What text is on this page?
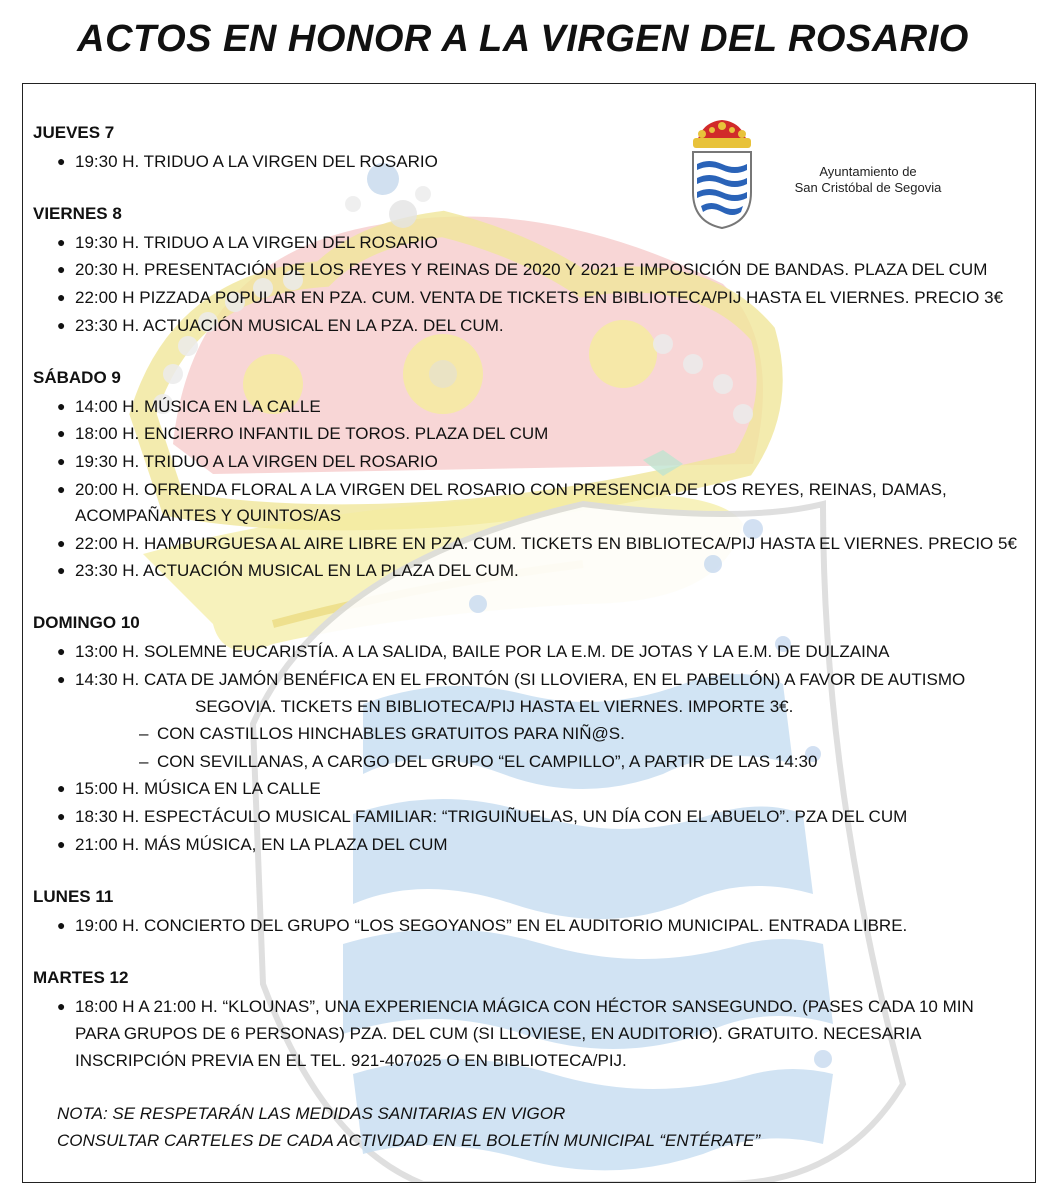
ACTOS EN HONOR A LA VIRGEN DEL ROSARIO
Ayuntamiento de
San Cristóbal de Segovia
JUEVES 7
● 19:30 H. TRIDUO A LA VIRGEN DEL ROSARIO
VIERNES 8
● 19:30 H. TRIDUO A LA VIRGEN DEL ROSARIO
● 20:30 H. PRESENTACIÓN DE LOS REYES Y REINAS DE 2020 Y 2021 E IMPOSICIÓN DE BANDAS. PLAZA DEL CUM
● 22:00 H PIZZADA POPULAR EN PZA. CUM. VENTA DE TICKETS EN BIBLIOTECA/PIJ HASTA EL VIERNES. PRECIO 3€
● 23:30 H. ACTUACIÓN MUSICAL EN LA PZA. DEL CUM.
SÁBADO 9
● 14:00 H. MÚSICA EN LA CALLE
● 18:00 H. ENCIERRO INFANTIL DE TOROS. PLAZA DEL CUM
● 19:30 H. TRIDUO A LA VIRGEN DEL ROSARIO
● 20:00 H. OFRENDA FLORAL A LA VIRGEN DEL ROSARIO CON PRESENCIA DE LOS REYES, REINAS, DAMAS,
ACOMPAÑANTES Y QUINTOS/AS
● 22:00 H. HAMBURGUESA AL AIRE LIBRE EN PZA. CUM. TICKETS EN BIBLIOTECA/PIJ HASTA EL VIERNES. PRECIO 5€
● 23:30 H. ACTUACIÓN MUSICAL EN LA PLAZA DEL CUM.
DOMINGO 10
● 13:00 H. SOLEMNE EUCARISTÍA. A LA SALIDA, BAILE POR LA E.M. DE JOTAS Y LA E.M. DE DULZAINA
● 14:30 H. CATA DE JAMÓN BENÉFICA EN EL FRONTÓN (SI LLOVIERA, EN EL PABELLÓN) A FAVOR DE AUTISMO
SEGOVIA. TICKETS EN BIBLIOTECA/PIJ HASTA EL VIERNES. IMPORTE 3€.
– CON CASTILLOS HINCHABLES GRATUITOS PARA NIÑ@S.
– CON SEVILLANAS, A CARGO DEL GRUPO “EL CAMPILLO”, A PARTIR DE LAS 14:30
● 15:00 H. MÚSICA EN LA CALLE
● 18:30 H. ESPECTÁCULO MUSICAL FAMILIAR: “TRIGUIÑUELAS, UN DÍA CON EL ABUELO”. PZA DEL CUM
● 21:00 H. MÁS MÚSICA, EN LA PLAZA DEL CUM
LUNES 11
● 19:00 H. CONCIERTO DEL GRUPO “LOS SEGOYANOS” EN EL AUDITORIO MUNICIPAL. ENTRADA LIBRE.
MARTES 12
● 18:00 H A 21:00 H. “KLOUNAS”, UNA EXPERIENCIA MÁGICA CON HÉCTOR SANSEGUNDO. (PASES CADA 10 MIN
PARA GRUPOS DE 6 PERSONAS) PZA. DEL CUM (SI LLOVIESE, EN AUDITORIO). GRATUITO. NECESARIA
INSCRIPCIÓN PREVIA EN EL TEL. 921-407025 O EN BIBLIOTECA/PIJ.
NOTA: SE RESPETARÁN LAS MEDIDAS SANITARIAS EN VIGOR
CONSULTAR CARTELES DE CADA ACTIVIDAD EN EL BOLETÍN MUNICIPAL “ENTÉRATE”
